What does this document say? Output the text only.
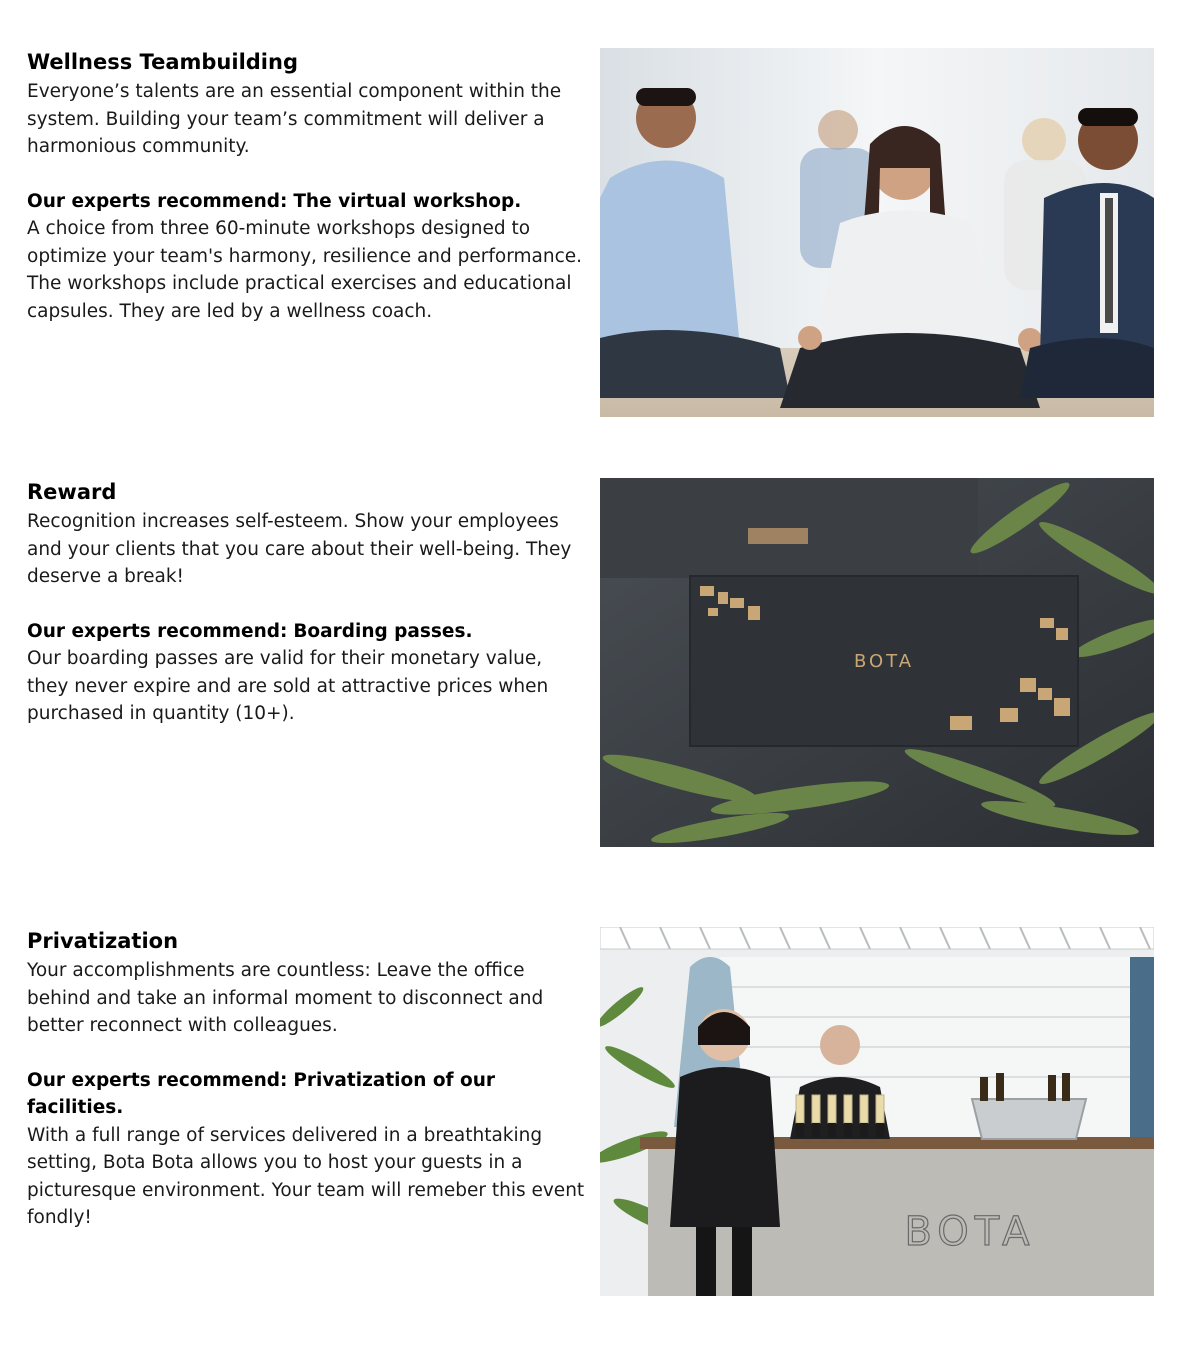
Wellness Teambuilding

Everyone’s talents are an essential component within the system. Building your team’s commitment will deliver a harmonious community.

Our experts recommend: The virtual workshop.
A choice from three 60-minute workshops designed to optimize your team's harmony, resilience and performance. The workshops include practical exercises and educational capsules. They are led by a wellness coach.

Reward

Recognition increases self-esteem. Show your employees and your clients that you care about their well-being. They deserve a break!

Our experts recommend: Boarding passes.
Our boarding passes are valid for their monetary value, they never expire and are sold at attractive prices when purchased in quantity (10+).

BOTA
Privatization

Your accomplishments are countless: Leave the office behind and take an informal moment to disconnect and better reconnect with colleagues.

Our experts recommend: Privatization of our facilities.
With a full range of services delivered in a breathtaking setting, Bota Bota allows you to host your guests in a picturesque environment. Your team will remeber this event fondly!	BOTA
